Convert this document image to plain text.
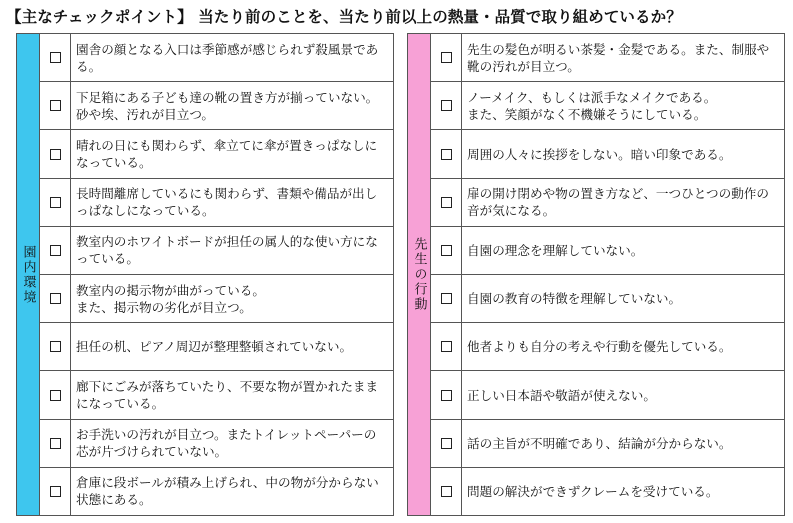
【主なチェックポイント】 当たり前のことを、当たり前以上の熱量・品質で取り組めているか？
園内環境
園舎の顔となる入口は季節感が感じられず殺風景である。
下足箱にある子ども達の靴の置き方が揃っていない。砂や埃、汚れが目立つ。
晴れの日にも関わらず、傘立てに傘が置きっぱなしになっている。
長時間離席しているにも関わらず、書類や備品が出しっぱなしになっている。
教室内のホワイトボードが担任の属人的な使い方になっている。
教室内の掲示物が曲がっている。
また、掲示物の劣化が目立つ。
担任の机、ピアノ周辺が整理整頓されていない。
廊下にごみが落ちていたり、不要な物が置かれたままになっている。
お手洗いの汚れが目立つ。またトイレットペーパーの芯が片づけられていない。
倉庫に段ボールが積み上げられ、中の物が分からない状態にある。
先生の行動
先生の髪色が明るい茶髪・金髪である。また、制服や靴の汚れが目立つ。
ノーメイク、もしくは派手なメイクである。
また、笑顔がなく不機嫌そうにしている。
周囲の人々に挨拶をしない。暗い印象である。
扉の開け閉めや物の置き方など、一つひとつの動作の音が気になる。
自園の理念を理解していない。
自園の教育の特徴を理解していない。
他者よりも自分の考えや行動を優先している。
正しい日本語や敬語が使えない。
話の主旨が不明確であり、結論が分からない。
問題の解決ができずクレームを受けている。
